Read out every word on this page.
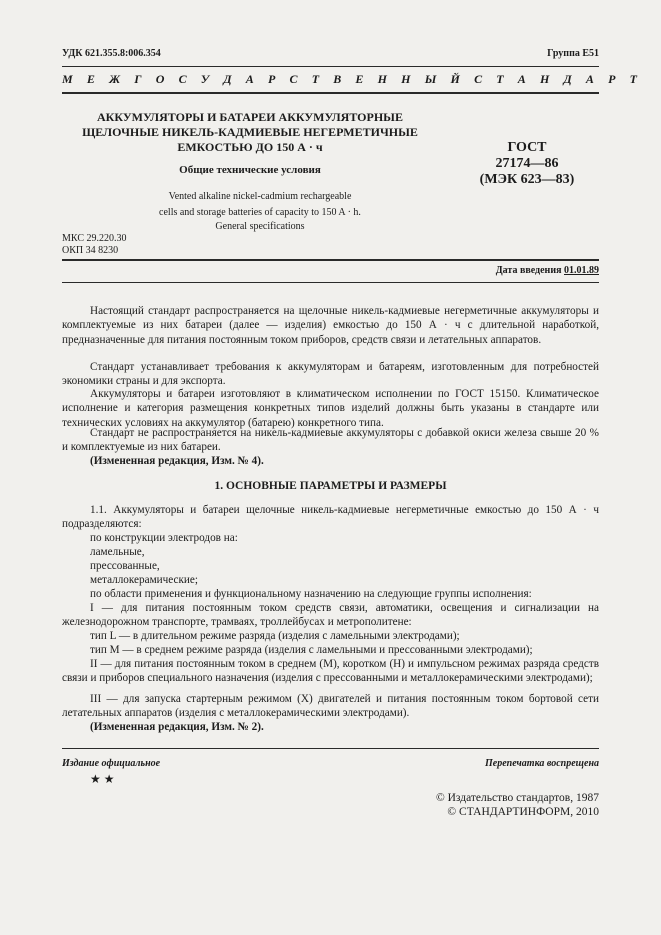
УДК 621.355.8:006.354	Группа Е51
М Е Ж Г О С У Д А Р С Т В Е Н Н Ы Й С Т А Н Д А Р Т
АККУМУЛЯТОРЫ И БАТАРЕИ АККУМУЛЯТОРНЫЕ
ЩЕЛОЧНЫЕ НИКЕЛЬ-КАДМИЕВЫЕ НЕГЕРМЕТИЧНЫЕ
ЕМКОСТЬЮ ДО 150 А · ч
Общие технические условия
ГОСТ
27174—86
(МЭК 623—83)
Vented alkaline nickel-cadmium rechargeable
cells and storage batteries of capacity to 150 A · h.
General specifications
МКС 29.220.30
ОКП 34 8230
Дата введения 01.01.89
Настоящий стандарт распространяется на щелочные никель-кадмиевые негерметичные аккумуляторы и комплектуемые из них батареи (далее — изделия) емкостью до 150 А · ч с длительной наработкой, предназначенные для питания постоянным током приборов, средств связи и летательных аппаратов.
Стандарт устанавливает требования к аккумуляторам и батареям, изготовленным для потребностей экономики страны и для экспорта.
Аккумуляторы и батареи изготовляют в климатическом исполнении по ГОСТ 15150. Климатическое исполнение и категория размещения конкретных типов изделий должны быть указаны в стандарте или технических условиях на аккумулятор (батарею) конкретного типа.
Стандарт не распространяется на никель-кадмиевые аккумуляторы с добавкой окиси железа свыше 20 % и комплектуемые из них батареи.
(Измененная редакция, Изм. № 4).
1. ОСНОВНЫЕ ПАРАМЕТРЫ И РАЗМЕРЫ
1.1. Аккумуляторы и батареи щелочные никель-кадмиевые негерметичные емкостью до 150 А · ч подразделяются:
по конструкции электродов на:
ламельные,
прессованные,
металлокерамические;
по области применения и функциональному назначению на следующие группы исполнения:
I — для питания постоянным током средств связи, автоматики, освещения и сигнализации на железнодорожном транспорте, трамваях, троллейбусах и метрополитене:
тип L — в длительном режиме разряда (изделия с ламельными электродами);
тип М — в среднем режиме разряда (изделия с ламельными и прессованными электродами);
II — для питания постоянным током в среднем (M), коротком (H) и импульсном режимах разряда средств связи и приборов специального назначения (изделия с прессованными и металлокерамическими электродами);
III — для запуска стартерным режимом (X) двигателей и питания постоянным током бортовой сети летательных аппаратов (изделия с металлокерамическими электродами).
(Измененная редакция, Изм. № 2).
Издание официальное	Перепечатка воспрещена
★ ★
© Издательство стандартов, 1987
© СТАНДАРТИНФОРМ, 2010
